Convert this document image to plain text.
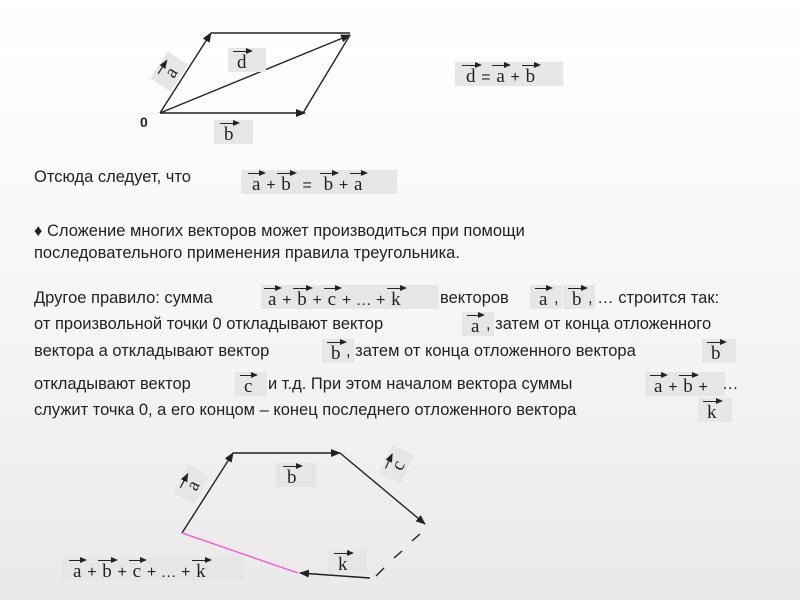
a
a
c
0
d
b
d = a + b
Отсюда следует, что	a + b = b + a
♦ Сложение многих векторов может производиться при помощи
последовательного применения правила треугольника.
Другое правило: сумма	a + b + c + … + k	векторов	a , b , … строится так:
от произвольной точки 0 откладывают вектор	a , затем от конца отложенного
вектора а откладывают вектор	b , затем от конца отложенного вектора	b
откладывают вектор	c и т.д. При этом началом вектора суммы	a + b + …
служит точка 0, а его концом – конец последнего отложенного вектора	k
b
k
a + b + c + … + k
